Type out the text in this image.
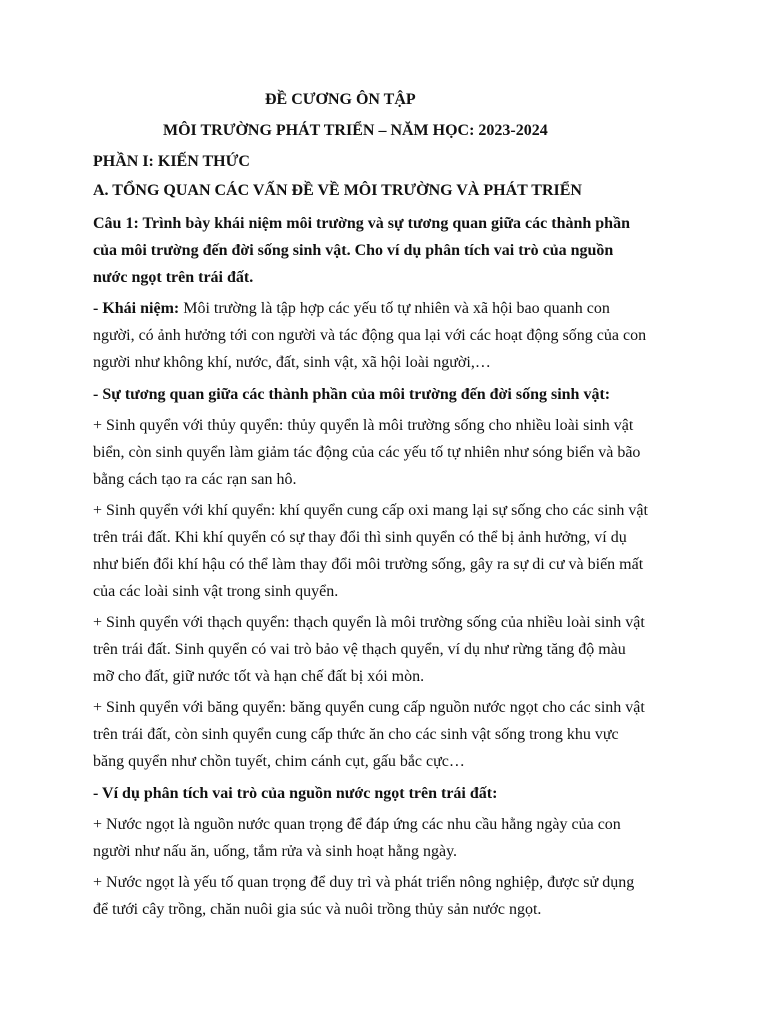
ĐỀ CƯƠNG ÔN TẬP
MÔI TRƯỜNG PHÁT TRIỂN – NĂM HỌC: 2023-2024
PHẦN I: KIẾN THỨC
A. TỔNG QUAN CÁC VẤN ĐỀ VỀ MÔI TRƯỜNG VÀ PHÁT TRIỂN
Câu 1: Trình bày khái niệm môi trường và sự tương quan giữa các thành phần
của môi trường đến đời sống sinh vật. Cho ví dụ phân tích vai trò của nguồn
nước ngọt trên trái đất.
- Khái niệm: Môi trường là tập hợp các yếu tố tự nhiên và xã hội bao quanh con
người, có ảnh hưởng tới con người và tác động qua lại với các hoạt động sống của con
người như không khí, nước, đất, sinh vật, xã hội loài người,…
- Sự tương quan giữa các thành phần của môi trường đến đời sống sinh vật:
+ Sinh quyển với thủy quyển: thủy quyển là môi trường sống cho nhiều loài sinh vật
biển, còn sinh quyển làm giảm tác động của các yếu tố tự nhiên như sóng biển và bão
bằng cách tạo ra các rạn san hô.
+ Sinh quyển với khí quyển: khí quyển cung cấp oxi mang lại sự sống cho các sinh vật
trên trái đất. Khi khí quyển có sự thay đổi thì sinh quyển có thể bị ảnh hưởng, ví dụ
như biến đổi khí hậu có thể làm thay đổi môi trường sống, gây ra sự di cư và biến mất
của các loài sinh vật trong sinh quyển.
+ Sinh quyển với thạch quyển: thạch quyển là môi trường sống của nhiều loài sinh vật
trên trái đất. Sinh quyển có vai trò bảo vệ thạch quyển, ví dụ như rừng tăng độ màu
mỡ cho đất, giữ nước tốt và hạn chế đất bị xói mòn.
+ Sinh quyển với băng quyển: băng quyển cung cấp nguồn nước ngọt cho các sinh vật
trên trái đất, còn sinh quyển cung cấp thức ăn cho các sinh vật sống trong khu vực
băng quyển như chồn tuyết, chim cánh cụt, gấu bắc cực…
- Ví dụ phân tích vai trò của nguồn nước ngọt trên trái đất:
+ Nước ngọt là nguồn nước quan trọng để đáp ứng các nhu cầu hằng ngày của con
người như nấu ăn, uống, tắm rửa và sinh hoạt hằng ngày.
+ Nước ngọt là yếu tố quan trọng để duy trì và phát triển nông nghiệp, được sử dụng
để tưới cây trồng, chăn nuôi gia súc và nuôi trồng thủy sản nước ngọt.
